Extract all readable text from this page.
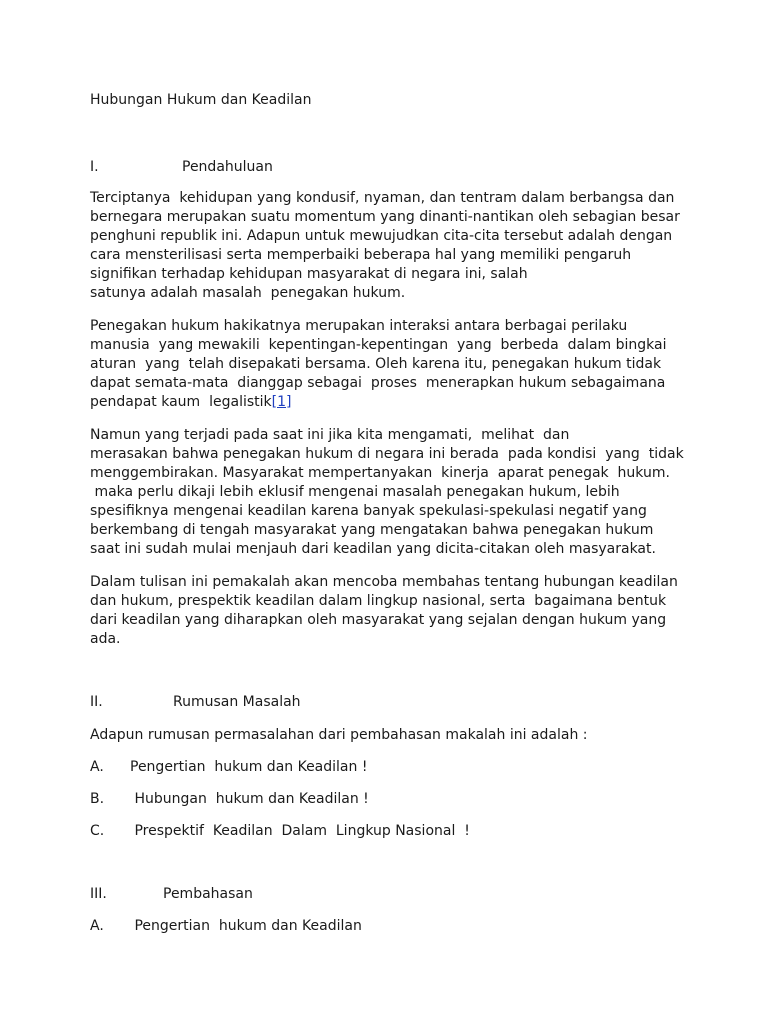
Hubungan Hukum dan Keadilan

I.	Pendahuluan

Terciptanya  kehidupan yang kondusif, nyaman, dan tentram dalam berbangsa dan

bernegara merupakan suatu momentum yang dinanti-nantikan oleh sebagian besar

penghuni republik ini. Adapun untuk mewujudkan cita-cita tersebut adalah dengan

cara mensterilisasi serta memperbaiki beberapa hal yang memiliki pengaruh

signifikan terhadap kehidupan masyarakat di negara ini, salah

satunya adalah masalah  penegakan hukum.

Penegakan hukum hakikatnya merupakan interaksi antara berbagai perilaku

manusia  yang mewakili  kepentingan-kepentingan  yang  berbeda  dalam bingkai

aturan  yang  telah disepakati bersama. Oleh karena itu, penegakan hukum tidak

dapat semata-mata  dianggap sebagai  proses  menerapkan hukum sebagaimana

pendapat kaum  legalistik[1]

Namun yang terjadi pada saat ini jika kita mengamati,  melihat  dan

merasakan bahwa penegakan hukum di negara ini berada  pada kondisi  yang  tidak

menggembirakan. Masyarakat mempertanyakan  kinerja  aparat penegak  hukum.

maka perlu dikaji lebih eklusif mengenai masalah penegakan hukum, lebih

spesifiknya mengenai keadilan karena banyak spekulasi-spekulasi negatif yang

berkembang di tengah masyarakat yang mengatakan bahwa penegakan hukum

saat ini sudah mulai menjauh dari keadilan yang dicita-citakan oleh masyarakat.

Dalam tulisan ini pemakalah akan mencoba membahas tentang hubungan keadilan

dan hukum, prespektik keadilan dalam lingkup nasional, serta  bagaimana bentuk

dari keadilan yang diharapkan oleh masyarakat yang sejalan dengan hukum yang

ada.

II.	Rumusan Masalah

Adapun rumusan permasalahan dari pembahasan makalah ini adalah :

A.	Pengertian  hukum dan Keadilan !
B.	Hubungan  hukum dan Keadilan !
C.	Prespektif  Keadilan  Dalam  Lingkup Nasional  !
III.	Pembahasan
A.	Pengertian  hukum dan Keadilan
